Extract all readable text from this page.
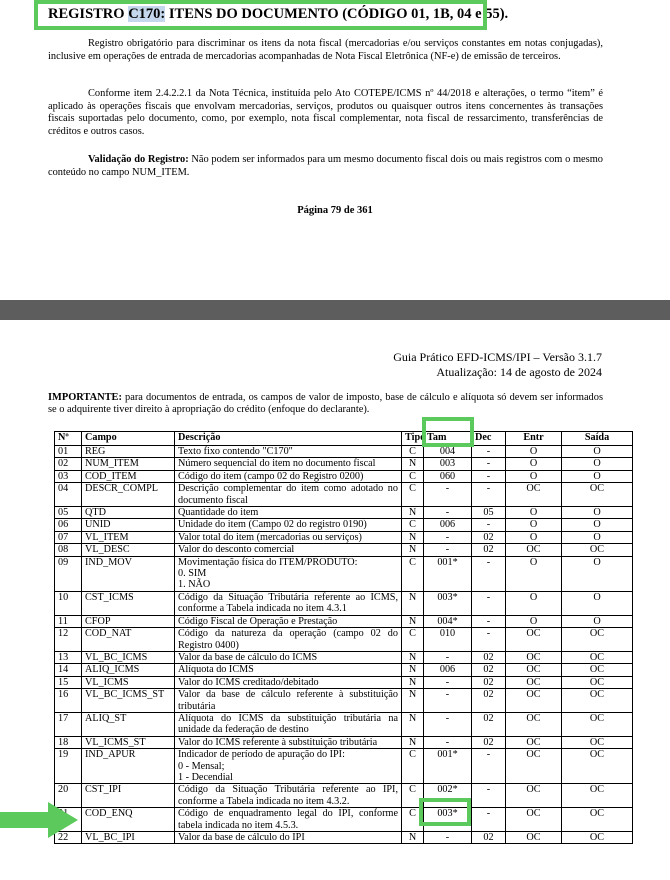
REGISTRO C170: ITENS DO DOCUMENTO (CÓDIGO 01, 1B, 04 e 55).
Registro obrigatório para discriminar os itens da nota fiscal (mercadorias e/ou serviços constantes em notas conjugadas), inclusive em operações de entrada de mercadorias acompanhadas de Nota Fiscal Eletrônica (NF-e) de emissão de terceiros.
Conforme item 2.4.2.2.1 da Nota Técnica, instituída pelo Ato COTEPE/ICMS nº 44/2018 e alterações, o termo “item” é aplicado às operações fiscais que envolvam mercadorias, serviços, produtos ou quaisquer outros itens concernentes às transações fiscais suportadas pelo documento, como, por exemplo, nota fiscal complementar, nota fiscal de ressarcimento, transferências de créditos e outros casos.
Validação do Registro: Não podem ser informados para um mesmo documento fiscal dois ou mais registros com o mesmo conteúdo no campo NUM_ITEM.
Página 79 de 361
Guia Prático EFD-ICMS/IPI – Versão 3.1.7
Atualização: 14 de agosto de 2024
IMPORTANTE: para documentos de entrada, os campos de valor de imposto, base de cálculo e alíquota só devem ser informados se o adquirente tiver direito à apropriação do crédito (enfoque do declarante).
Nº	Campo	Descrição	Tipo	Tam	Dec	Entr	Saída
01	REG	Texto fixo contendo "C170"	C	004	-	O	O
02	NUM_ITEM	Número sequencial do item no documento fiscal	N	003	-	O	O
03	COD_ITEM	Código do item (campo 02 do Registro 0200)	C	060	-	O	O
04	DESCR_COMPL	Descrição complementar do item como adotado no documento fiscal	C	-	-	OC	OC
05	QTD	Quantidade do item	N	-	05	O	O
06	UNID	Unidade do item (Campo 02 do registro 0190)	C	006	-	O	O
07	VL_ITEM	Valor total do item (mercadorias ou serviços)	N	-	02	O	O
08	VL_DESC	Valor do desconto comercial	N	-	02	OC	OC
09	IND_MOV	Movimentação física do ITEM/PRODUTO:
0. SIM
1. NÃO	C	001*	-	O	O
10	CST_ICMS	Código da Situação Tributária referente ao ICMS, conforme a Tabela indicada no item 4.3.1	N	003*	-	O	O
11	CFOP	Código Fiscal de Operação e Prestação	N	004*	-	O	O
12	COD_NAT	Código da natureza da operação (campo 02 do Registro 0400)	C	010	-	OC	OC
13	VL_BC_ICMS	Valor da base de cálculo do ICMS	N	-	02	OC	OC
14	ALIQ_ICMS	Alíquota do ICMS	N	006	02	OC	OC
15	VL_ICMS	Valor do ICMS creditado/debitado	N	-	02	OC	OC
16	VL_BC_ICMS_ST	Valor da base de cálculo referente à substituição tributária	N	-	02	OC	OC
17	ALIQ_ST	Alíquota do ICMS da substituição tributária na unidade da federação de destino	N	-	02	OC	OC
18	VL_ICMS_ST	Valor do ICMS referente à substituição tributária	N	-	02	OC	OC
19	IND_APUR	Indicador de período de apuração do IPI:
0 - Mensal;
1 - Decendial	C	001*	-	OC	OC
20	CST_IPI	Código da Situação Tributária referente ao IPI, conforme a Tabela indicada no item 4.3.2.	C	002*	-	OC	OC
	COD_ENQ	Código de enquadramento legal do IPI, conforme tabela indicada no item 4.5.3.	C	003*	-	OC	OC
22	VL_BC_IPI	Valor da base de cálculo do IPI	N	-	02	OC	OC
